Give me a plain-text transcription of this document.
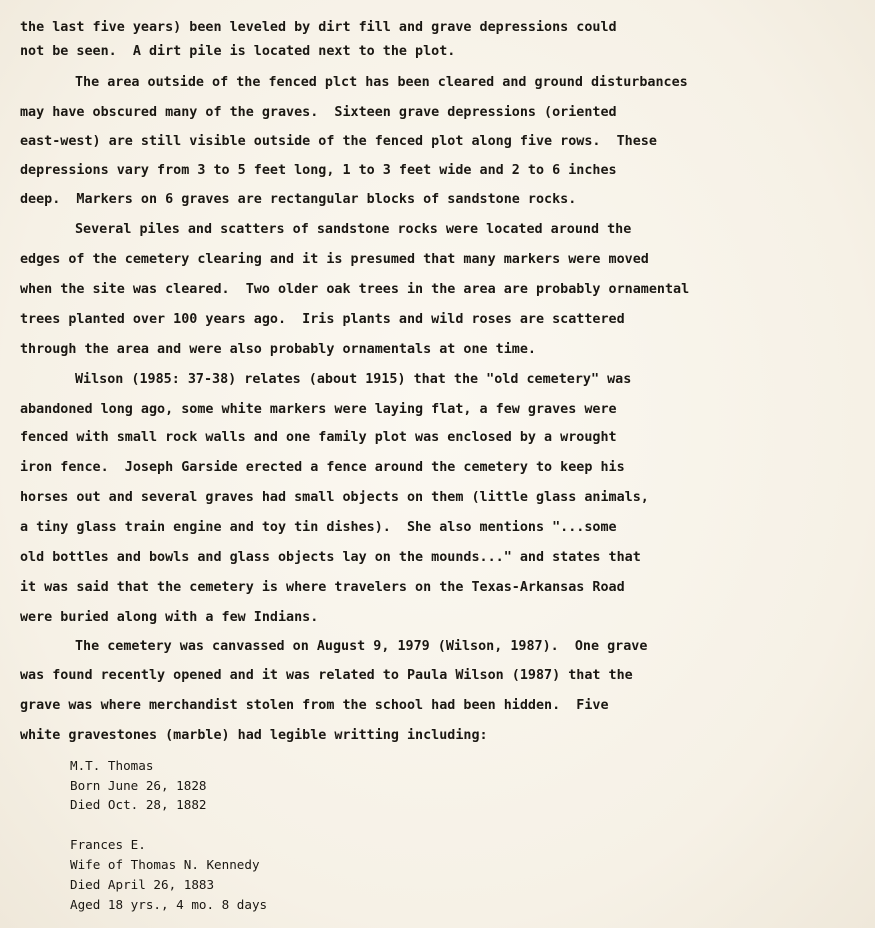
the last five years) been leveled by dirt fill and grave depressions could
not be seen.  A dirt pile is located next to the plot.
The area outside of the fenced plct has been cleared and ground disturbances
may have obscured many of the graves.  Sixteen grave depressions (oriented
east-west) are still visible outside of the fenced plot along five rows.  These
depressions vary from 3 to 5 feet long, 1 to 3 feet wide and 2 to 6 inches
deep.  Markers on 6 graves are rectangular blocks of sandstone rocks.
Several piles and scatters of sandstone rocks were located around the
edges of the cemetery clearing and it is presumed that many markers were moved
when the site was cleared.  Two older oak trees in the area are probably ornamental
trees planted over 100 years ago.  Iris plants and wild roses are scattered
through the area and were also probably ornamentals at one time.
Wilson (1985: 37-38) relates (about 1915) that the "old cemetery" was
abandoned long ago, some white markers were laying flat, a few graves were
fenced with small rock walls and one family plot was enclosed by a wrought
iron fence.  Joseph Garside erected a fence around the cemetery to keep his
horses out and several graves had small objects on them (little glass animals,
a tiny glass train engine and toy tin dishes).  She also mentions "...some
old bottles and bowls and glass objects lay on the mounds..." and states that
it was said that the cemetery is where travelers on the Texas-Arkansas Road
were buried along with a few Indians.
The cemetery was canvassed on August 9, 1979 (Wilson, 1987).  One grave
was found recently opened and it was related to Paula Wilson (1987) that the
grave was where merchandist stolen from the school had been hidden.  Five
white gravestones (marble) had legible writting including:
M.T. Thomas
Born June 26, 1828
Died Oct. 28, 1882
Frances E.
Wife of Thomas N. Kennedy
Died April 26, 1883
Aged 18 yrs., 4 mo. 8 days
